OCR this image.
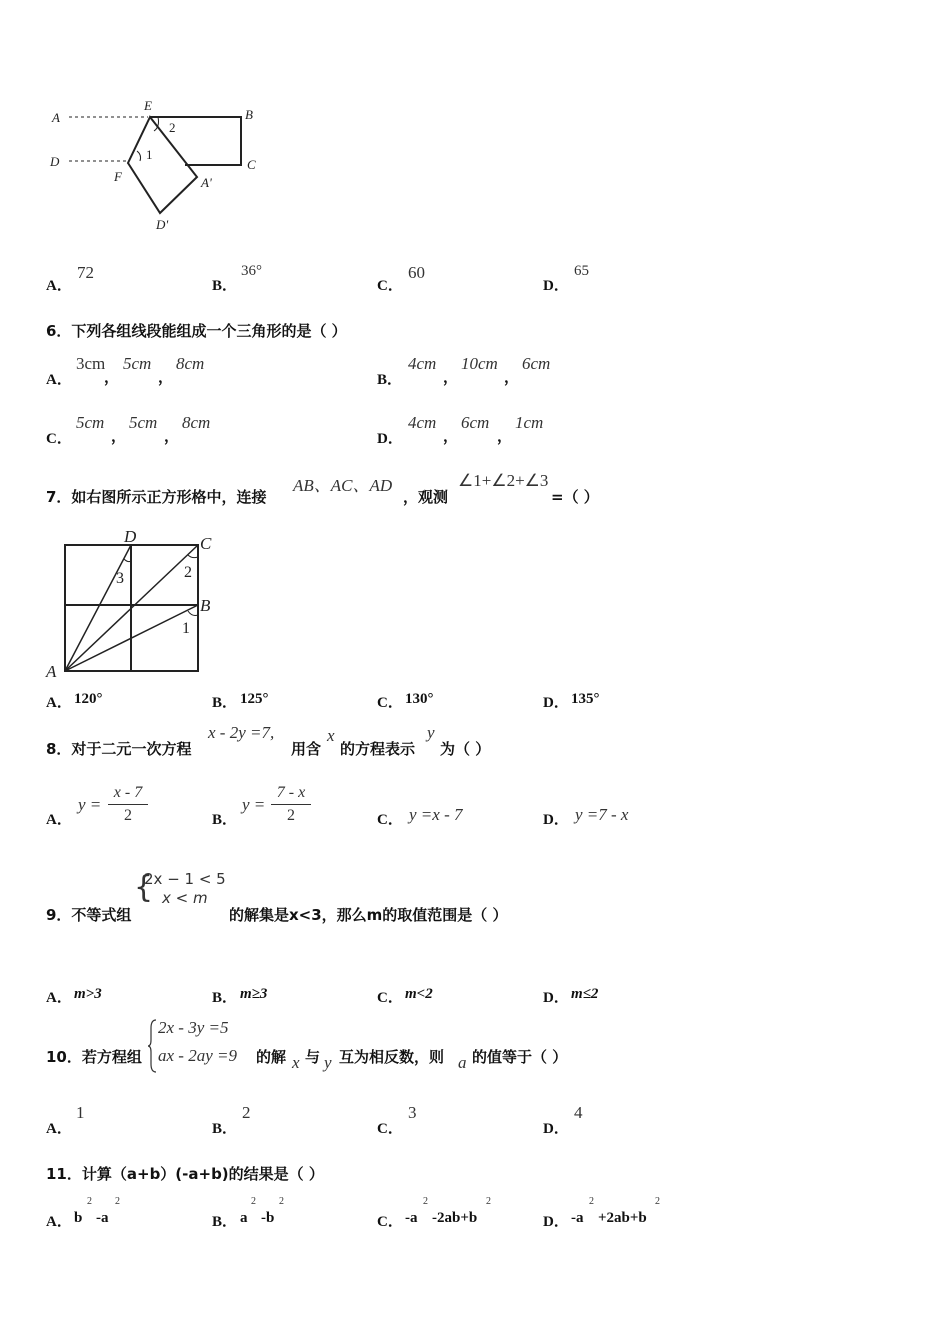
A
E
B
D	C
F	A'
D'
2
1
A．
72
B．
36°
C．
60
D．
65
6．下列各组线段能组成一个三角形的是（ ）
A．
3cm
，
5cm
，
8cm
B．
4cm
，
10cm
，
6cm
C．
5cm
，
5cm
，
8cm
D．
4cm
，
6cm
，
1cm
7．如右图所示正方形格中，连接
AB、AC、AD
，观测
∠1+∠2+∠3
=（ ）
D	C
B
A
3	2
1
A． 120°	B． 125°	C． 130°	D． 135°
8．对于二元一次方程
x - 2y =7,
用含
x
的方程表示
y
为（ ）
A．
y =
x - 7
2	B．
y =
7 - x
2	C． y =x - 7	D． y =7 - x
9．不等式组
{
2x − 1 < 5
x < m
的解集是x<3，那么m的取值范围是（ ）
A． m>3	B． m≥3	C． m<2	D． m≤2
10．若方程组
2x - 3y =5
ax - 2ay =9 的解 x 与 y 互为相反数，则 a 的值等于（ ）
A．
1
B．
2
C．
3
D．
4
11．计算（a+b）(-a+b)的结果是（ ）
A． b
2
-a
2
B． a
2
-b
2
C． -a
2
-2ab+b
2
D． -a
2
+2ab+b
2
